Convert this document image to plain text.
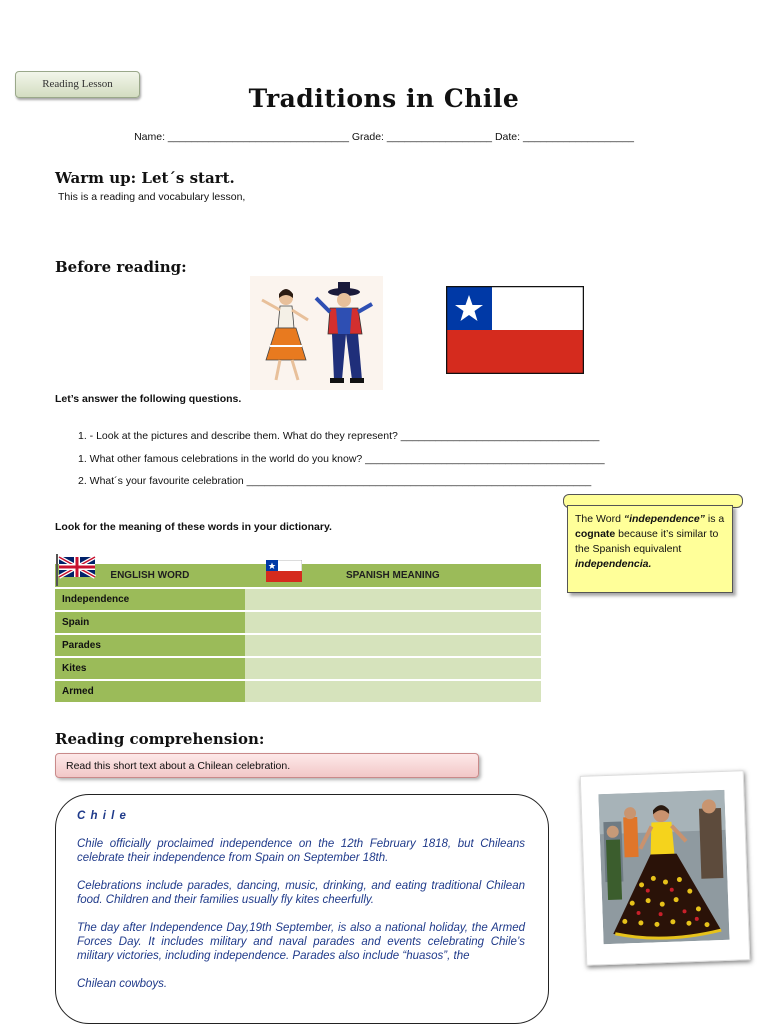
Reading Lesson	Traditions in Chile
Name: _______________________________ Grade: __________________ Date: ___________________
Warm up: Let´s start.
This is a reading and vocabulary lesson,
Before reading:
Let’s answer the following questions.
1. - Look at the pictures and describe them. What do they represent? __________________________________
1. What other famous celebrations in the world do you know? _________________________________________
2. What´s your favourite celebration ___________________________________________________________
Look for the meaning of these words in your dictionary.
ENGLISH WORD	SPANISH MEANING
Independence	
Spain	
Parades	
Kites	
Armed	
The Word “independence” is a cognate because it’s similar to the Spanish equivalent independencia.
Reading comprehension:
Read this short text about a Chilean celebration.
C h i l e
Chile officially proclaimed independence on the 12th February 1818, but Chileans celebrate their independence from Spain on September 18th.
Celebrations include parades, dancing, music, drinking, and eating traditional Chilean food. Children and their families usually fly kites cheerfully.
The day after Independence Day,19th September, is also a national holiday, the Armed Forces Day. It includes military and naval parades and events celebrating Chile’s military victories, including independence. Parades also include “huasos”, the
Chilean cowboys.
